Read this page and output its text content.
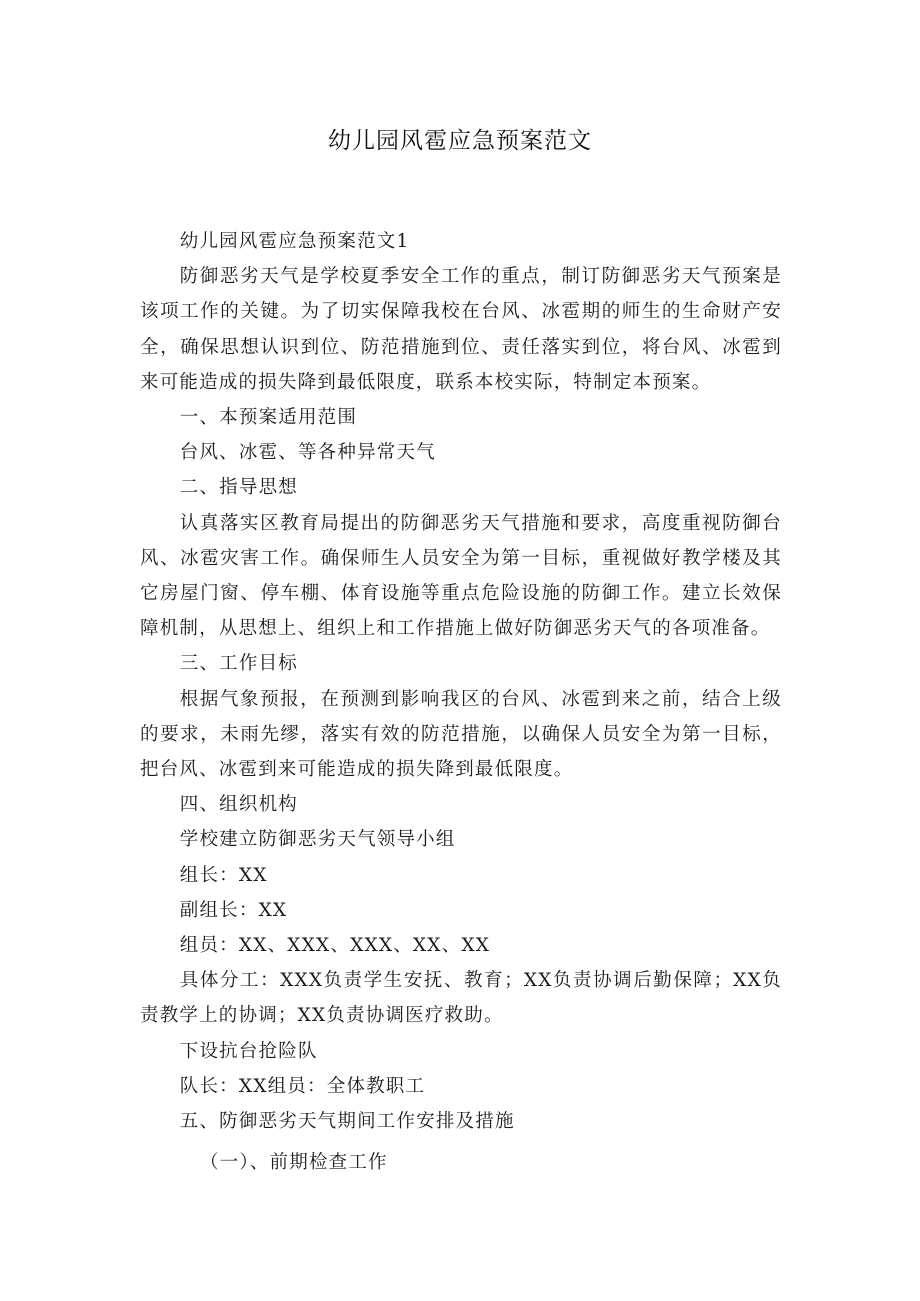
幼儿园风雹应急预案范文

幼儿园风雹应急预案范文1

防御恶劣天气是学校夏季安全工作的重点，制订防御恶劣天气预案是该项工作的关键。为了切实保障我校在台风、冰雹期的师生的生命财产安全，确保思想认识到位、防范措施到位、责任落实到位，将台风、冰雹到来可能造成的损失降到最低限度，联系本校实际，特制定本预案。

一、本预案适用范围

台风、冰雹、等各种异常天气

二、指导思想

认真落实区教育局提出的防御恶劣天气措施和要求，高度重视防御台风、冰雹灾害工作。确保师生人员安全为第一目标，重视做好教学楼及其它房屋门窗、停车棚、体育设施等重点危险设施的防御工作。建立长效保障机制，从思想上、组织上和工作措施上做好防御恶劣天气的各项准备。

三、工作目标

根据气象预报，在预测到影响我区的台风、冰雹到来之前，结合上级的要求，未雨先缪，落实有效的防范措施，以确保人员安全为第一目标，把台风、冰雹到来可能造成的损失降到最低限度。

四、组织机构

学校建立防御恶劣天气领导小组

组长：XX

副组长：XX

组员：XX、XXX、XXX、XX、XX

具体分工：XXX负责学生安抚、教育；XX负责协调后勤保障；XX负责教学上的协调；XX负责协调医疗救助。

下设抗台抢险队

队长：XX组员：全体教职工

五、防御恶劣天气期间工作安排及措施

（一）、前期检查工作
